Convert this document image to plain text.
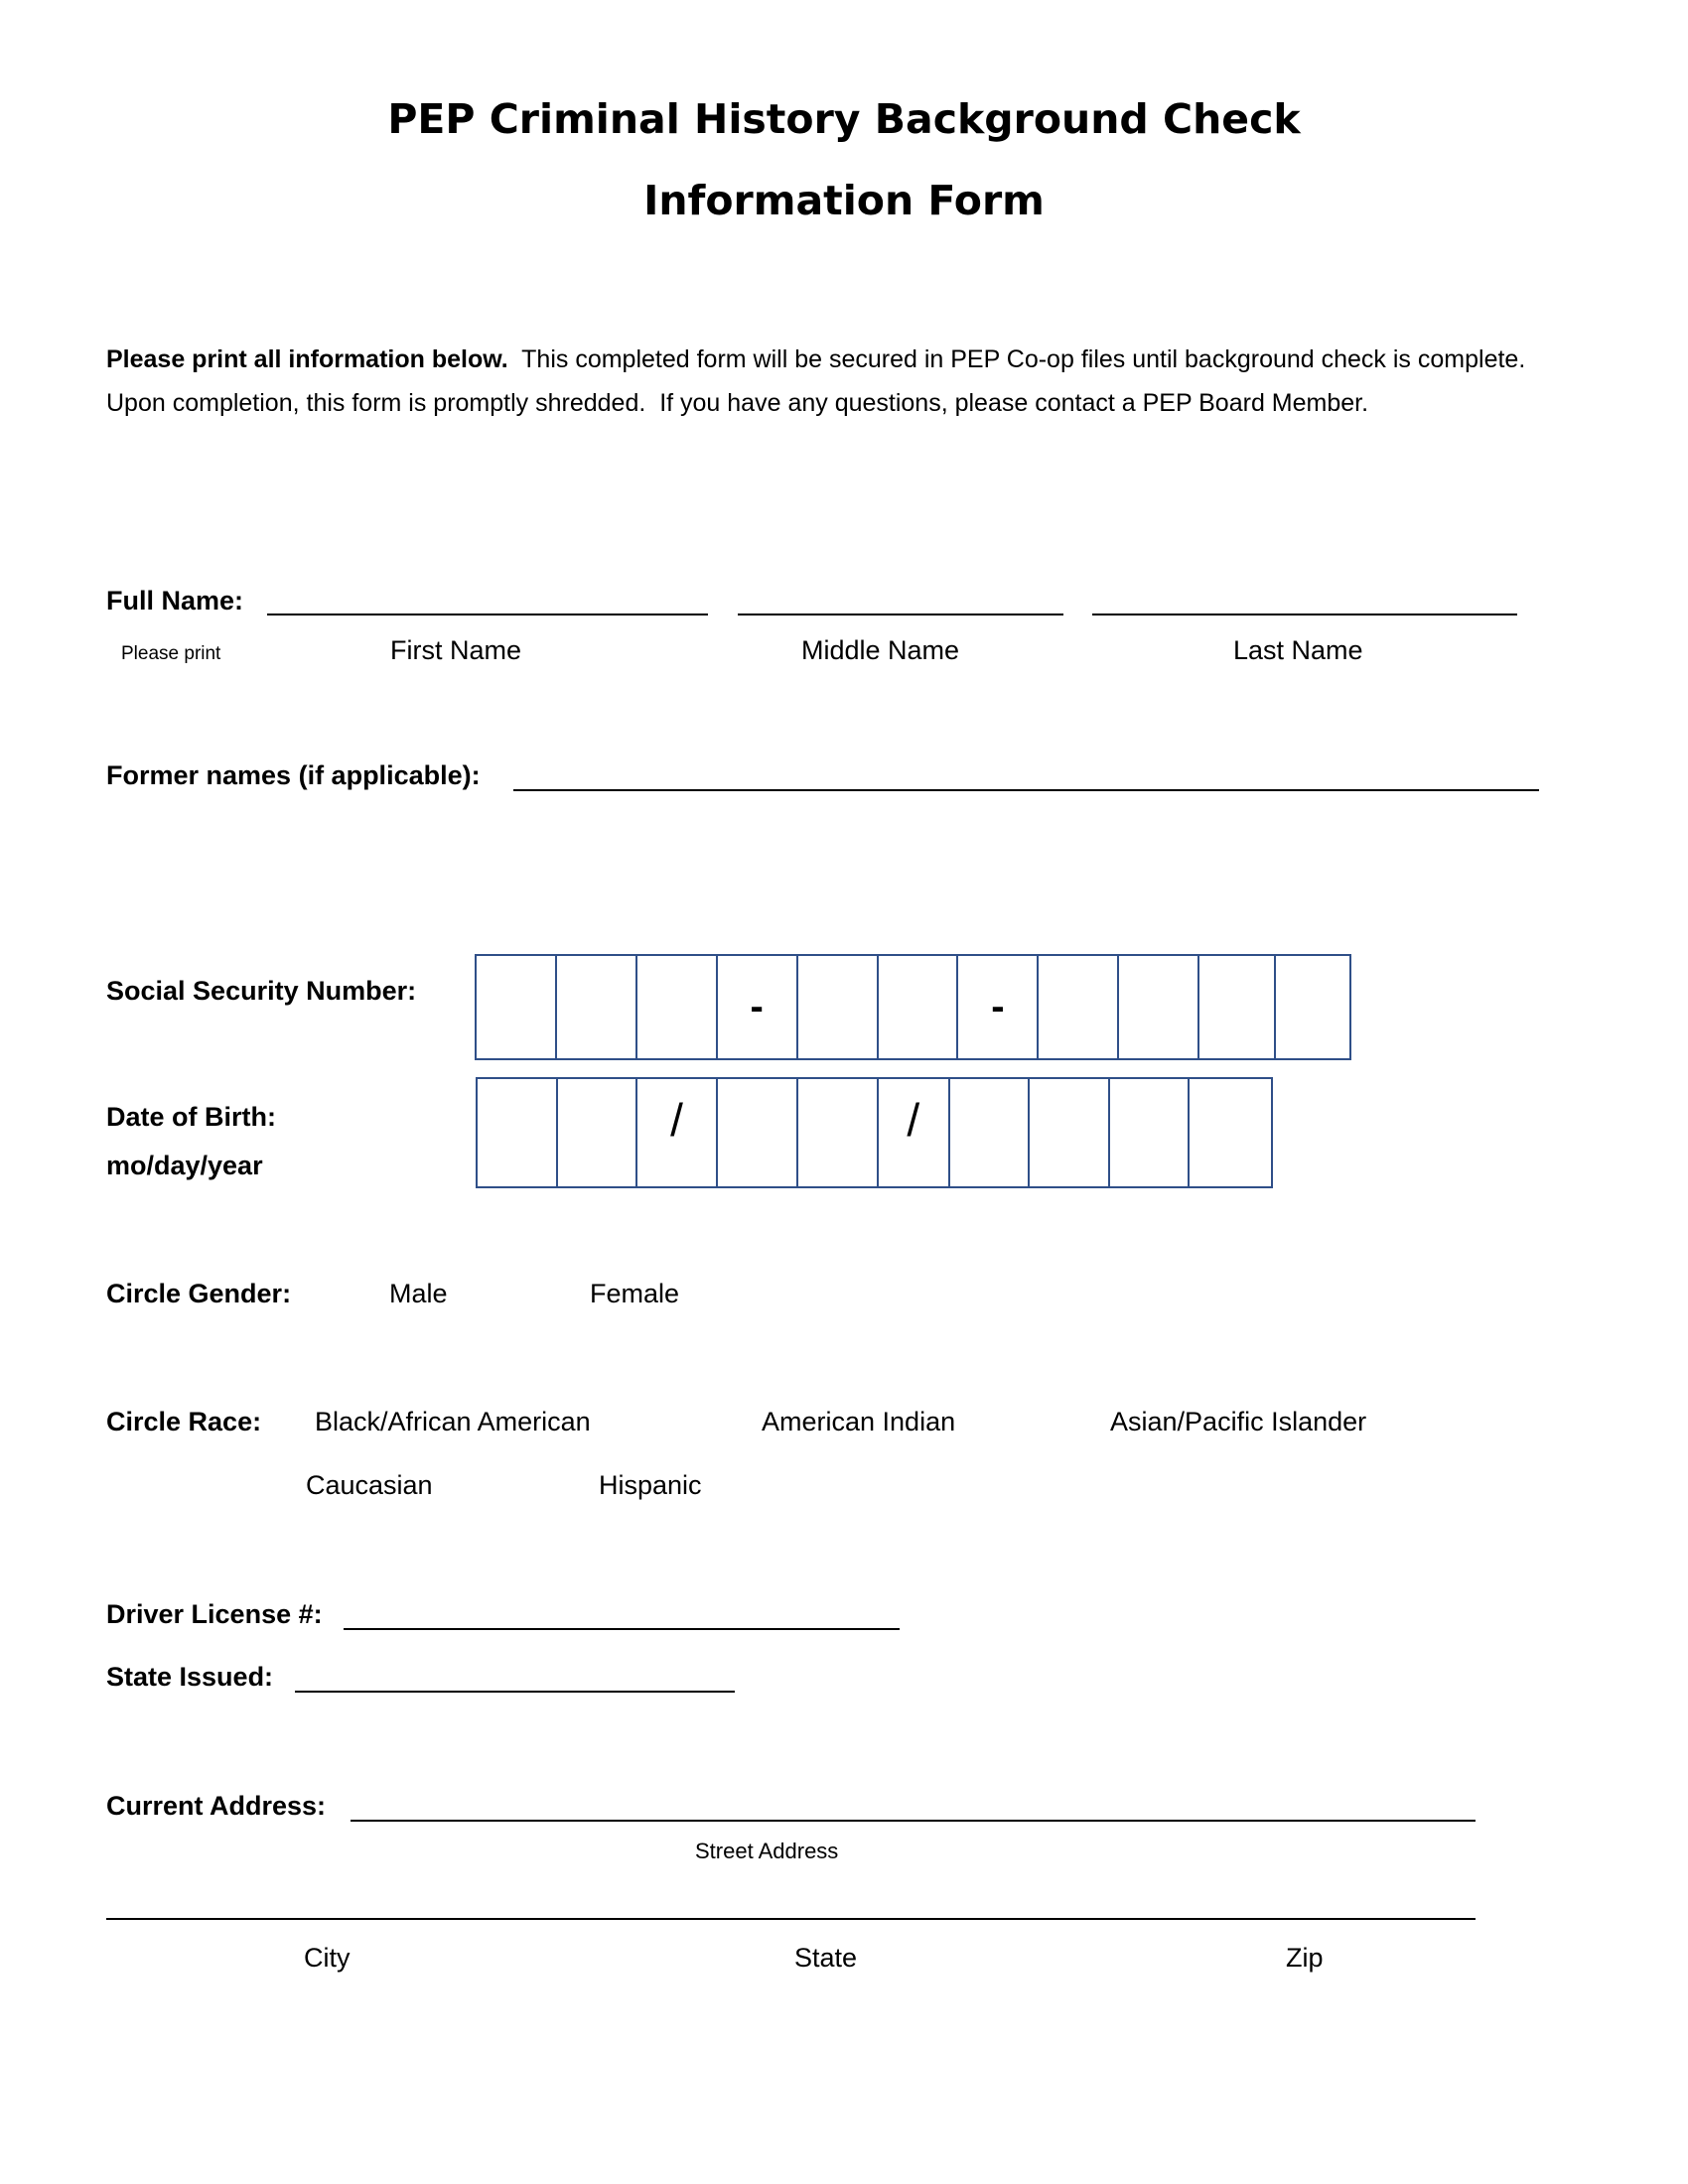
PEP Criminal History Background Check
Information Form
Please print all information below.  This completed form will be secured in PEP Co-op files until background check is complete.  Upon completion, this form is promptly shredded.  If you have any questions, please contact a PEP Board Member.
Full Name:
Please print	First Name	Middle Name	Last Name
Former names (if applicable):
Social Security Number:	-	-
Date of Birth:
mo/day/year
/	/
Circle Gender:	Male	Female
Circle Race: Black/African American	American Indian	Asian/Pacific Islander
Caucasian	Hispanic
Driver License #:
State Issued:
Current Address:
Street Address
City	State	Zip
